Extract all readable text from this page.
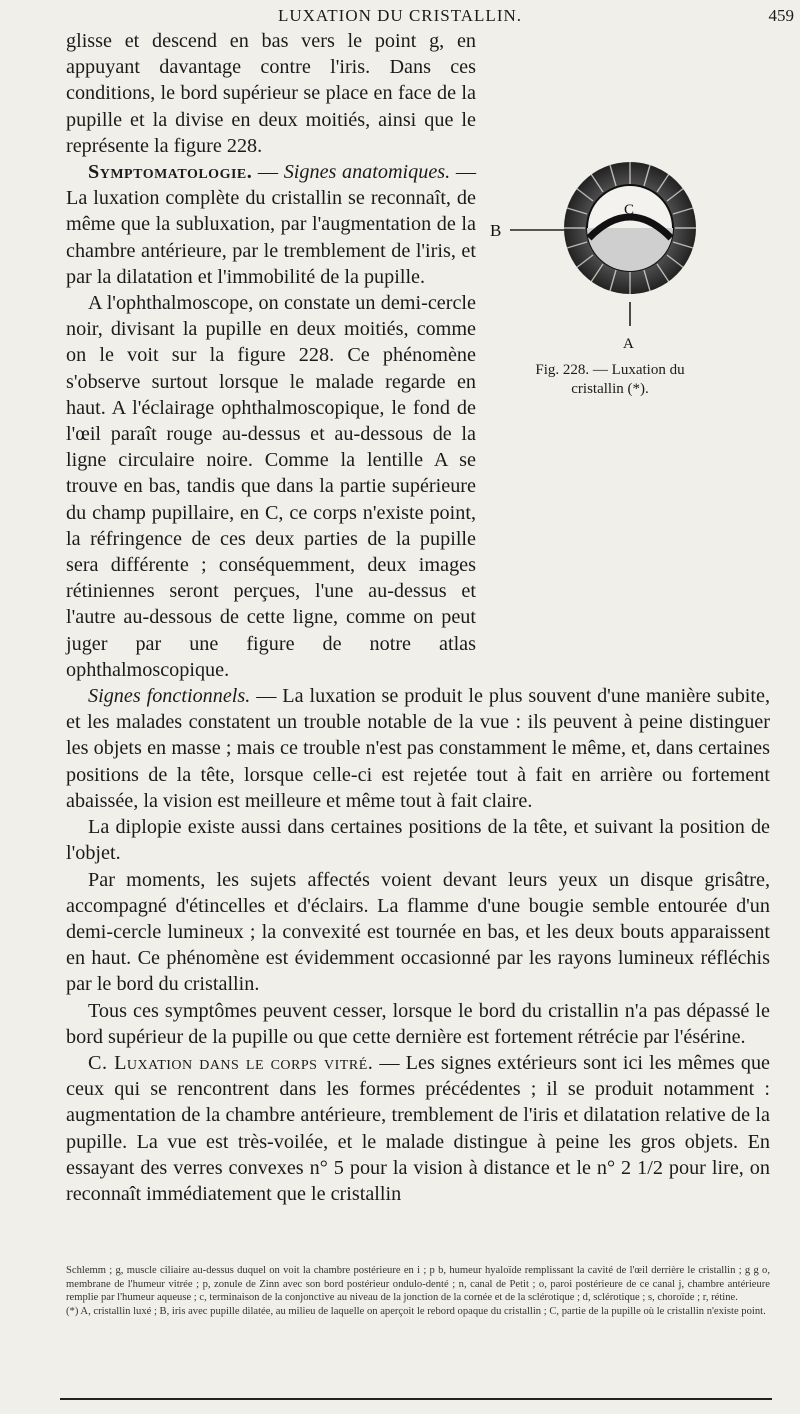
LUXATION DU CRISTALLIN.	459
C
B
A
Fig. 228. — Luxation du cristallin (*).

glisse et descend en bas vers le point g, en appuyant davantage contre l'iris. Dans ces conditions, le bord supérieur se place en face de la pupille et la divise en deux moitiés, ainsi que le représente la figure 228.

Symptomatologie. — Signes anatomiques. — La luxation complète du cristallin se reconnaît, de même que la subluxation, par l'augmentation de la chambre antérieure, par le tremblement de l'iris, et par la dilatation et l'immobilité de la pupille.

A l'ophthalmoscope, on constate un demi-cercle noir, divisant la pupille en deux moitiés, comme on le voit sur la figure 228. Ce phénomène s'observe surtout lorsque le malade regarde en haut. A l'éclairage ophthalmoscopique, le fond de l'œil paraît rouge au-dessus et au-dessous de la ligne circulaire noire. Comme la lentille A se trouve en bas, tandis que dans la partie supérieure du champ pupillaire, en C, ce corps n'existe point, la réfringence de ces deux parties de la pupille sera différente ; conséquemment, deux images rétiniennes seront perçues, l'une au-dessus et l'autre au-dessous de cette ligne, comme on peut juger par une figure de notre atlas ophthalmoscopique.

Signes fonctionnels. — La luxation se produit le plus souvent d'une manière subite, et les malades constatent un trouble notable de la vue : ils peuvent à peine distinguer les objets en masse ; mais ce trouble n'est pas constamment le même, et, dans certaines positions de la tête, lorsque celle-ci est rejetée tout à fait en arrière ou fortement abaissée, la vision est meilleure et même tout à fait claire.

La diplopie existe aussi dans certaines positions de la tête, et suivant la position de l'objet.

Par moments, les sujets affectés voient devant leurs yeux un disque grisâtre, accompagné d'étincelles et d'éclairs. La flamme d'une bougie semble entourée d'un demi-cercle lumineux ; la convexité est tournée en bas, et les deux bouts apparaissent en haut. Ce phénomène est évidemment occasionné par les rayons lumineux réfléchis par le bord du cristallin.

Tous ces symptômes peuvent cesser, lorsque le bord du cristallin n'a pas dépassé le bord supérieur de la pupille ou que cette dernière est fortement rétrécie par l'ésérine.

C. Luxation dans le corps vitré. — Les signes extérieurs sont ici les mêmes que ceux qui se rencontrent dans les formes précédentes ; il se produit notamment : augmentation de la chambre antérieure, tremblement de l'iris et dilatation relative de la pupille. La vue est très-voilée, et le malade distingue à peine les gros objets. En essayant des verres convexes n° 5 pour la vision à distance et le n° 2 1/2 pour lire, on reconnaît immédiatement que le cristallin

Schlemm ; g, muscle ciliaire au-dessus duquel on voit la chambre postérieure en i ; p b, humeur hyaloïde remplissant la cavité de l'œil derrière le cristallin ; g g o, membrane de l'humeur vitrée ; p, zonule de Zinn avec son bord postérieur ondulo-denté ; n, canal de Petit ; o, paroi postérieure de ce canal j, chambre antérieure remplie par l'humeur aqueuse ; c, terminaison de la conjonctive au niveau de la jonction de la cornée et de la sclérotique ; d, sclérotique ; s, choroïde ; r, rétine.

(*) A, cristallin luxé ; B, iris avec pupille dilatée, au milieu de laquelle on aperçoit le rebord opaque du cristallin ; C, partie de la pupille où le cristallin n'existe point.
